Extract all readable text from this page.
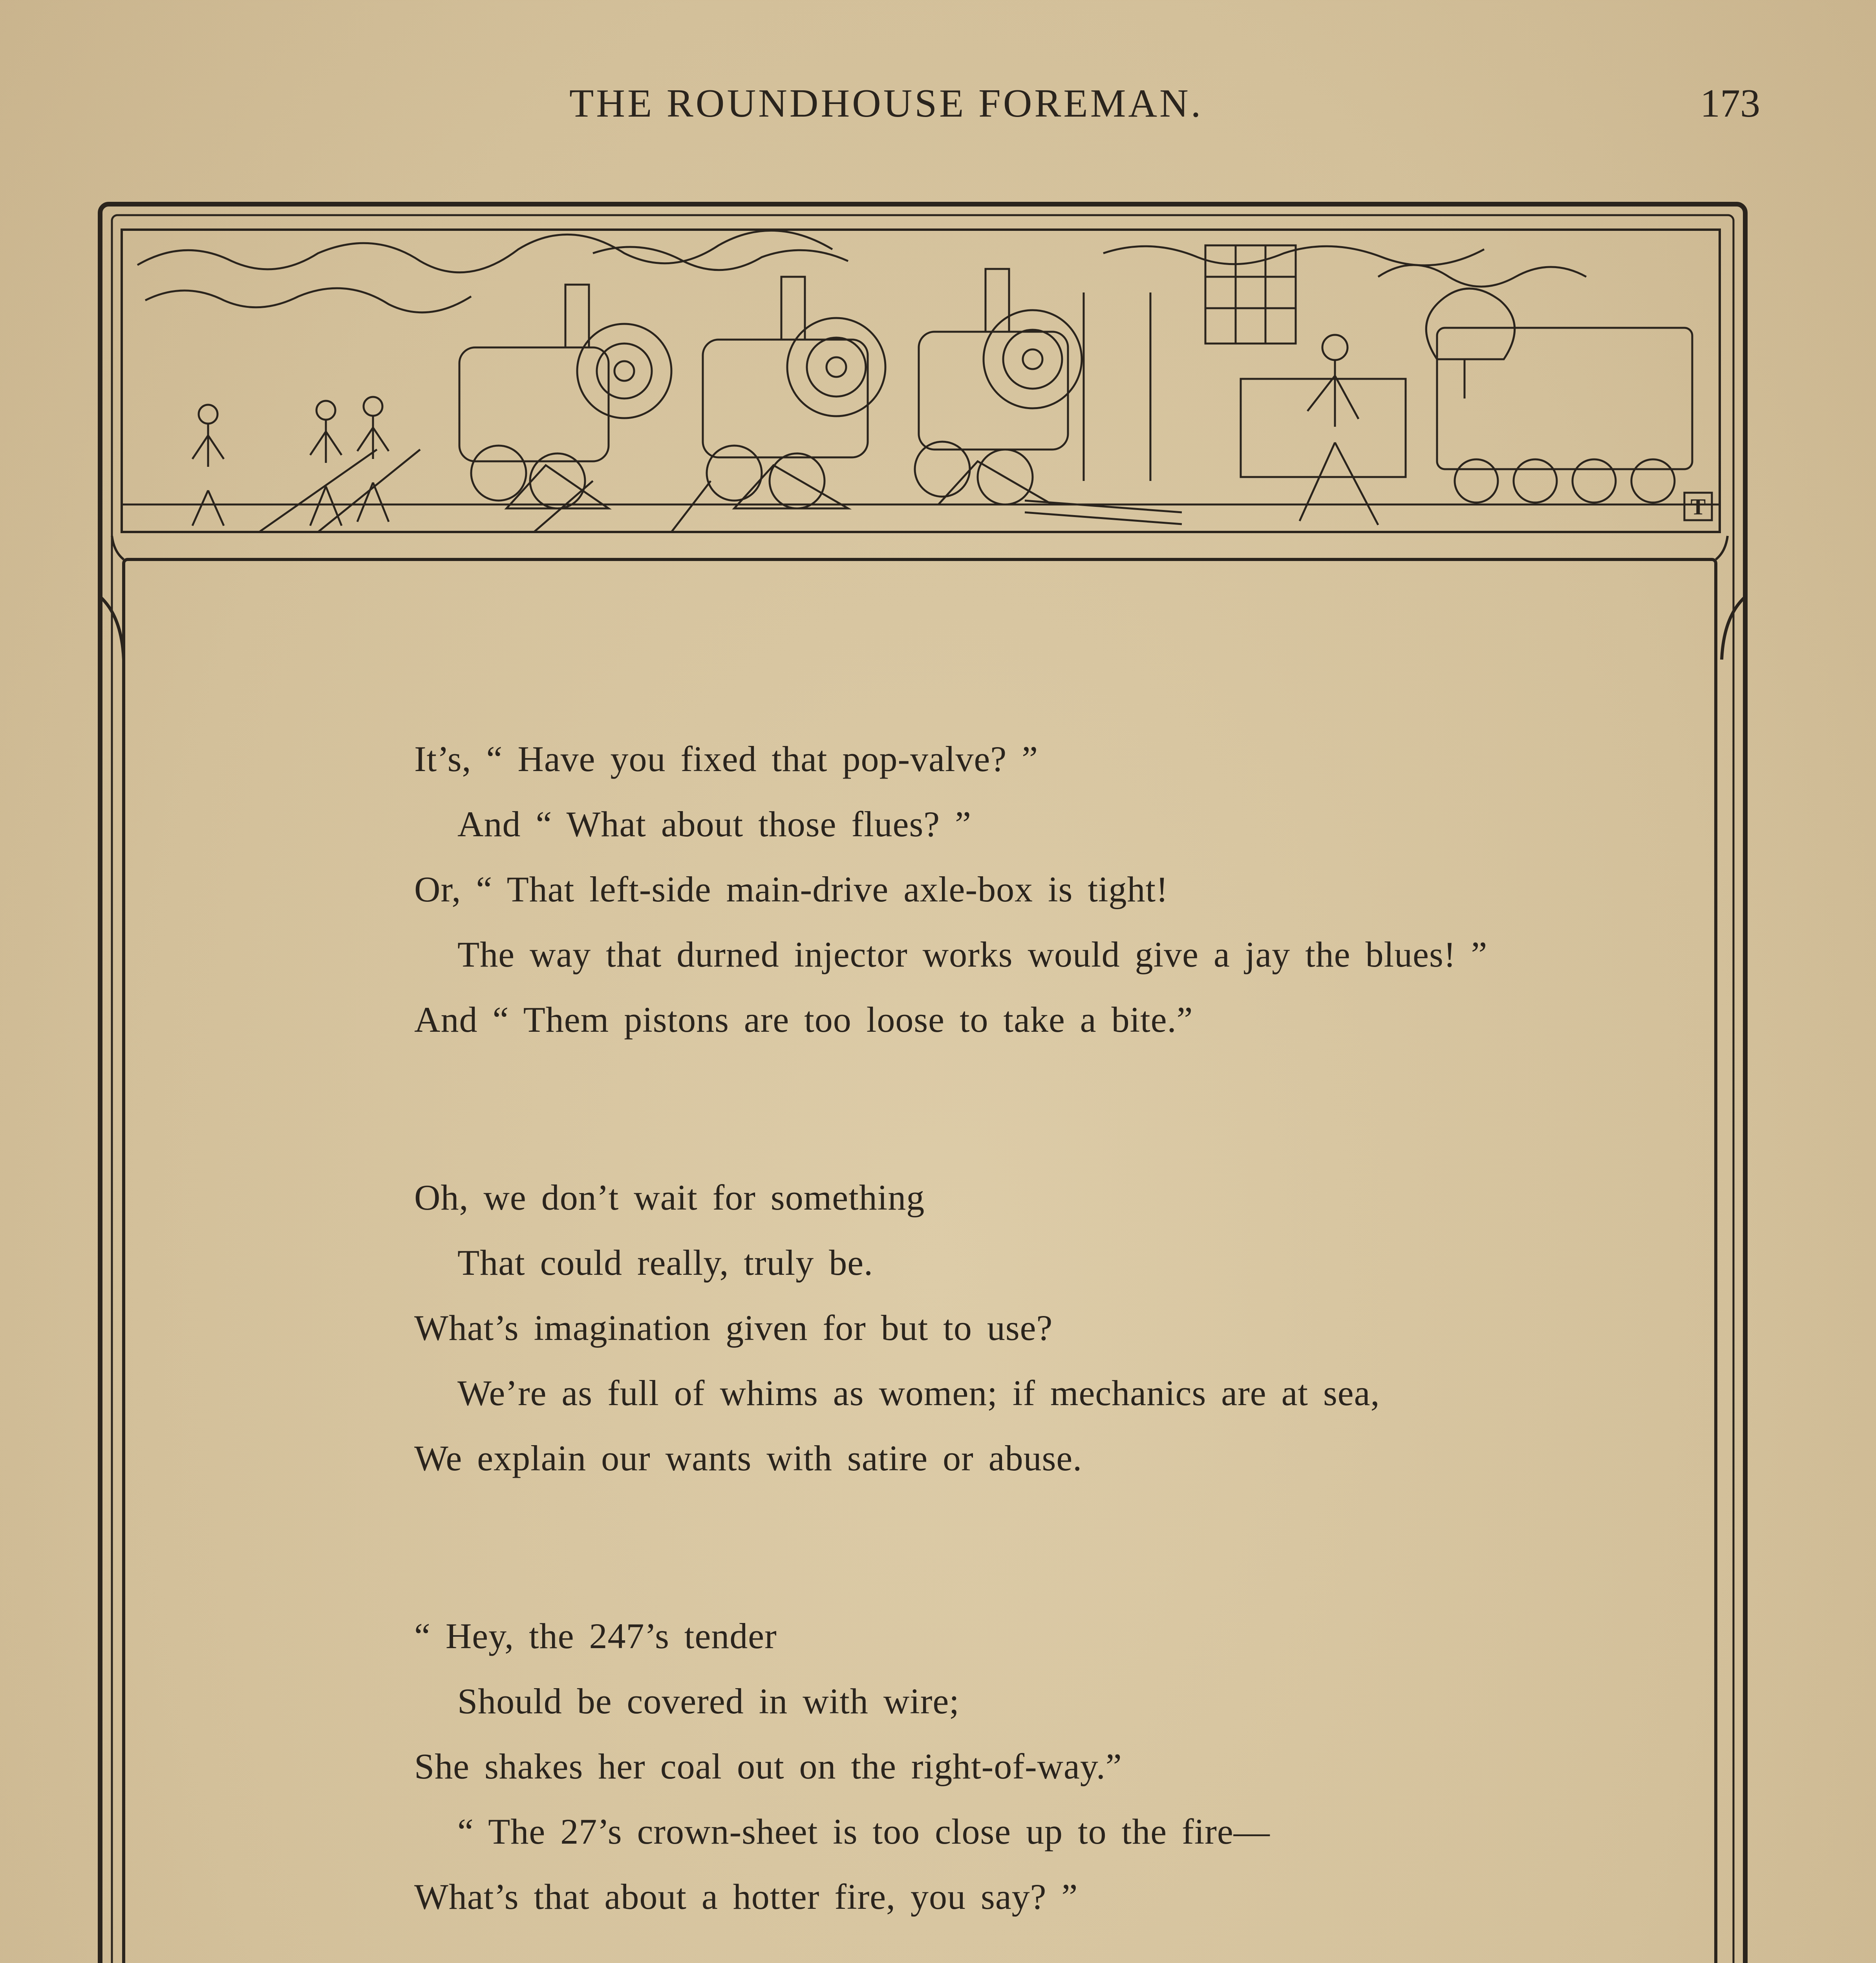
THE ROUNDHOUSE FOREMAN.	173
T
It’s, “ Have you fixed that pop-valve? ”
And “ What about those flues? ”
Or, “ That left-side main-drive axle-box is tight!
The way that durned injector works would give a jay the blues! ”
And “ Them pistons are too loose to take a bite.”
Oh, we don’t wait for something
That could really, truly be.
What’s imagination given for but to use?
We’re as full of whims as women; if mechanics are at sea,
We explain our wants with satire or abuse.
“ Hey, the 247’s tender
Should be covered in with wire;
She shakes her coal out on the right-of-way.”
“ The 27’s crown-sheet is too close up to the fire—
What’s that about a hotter fire, you say? ”
